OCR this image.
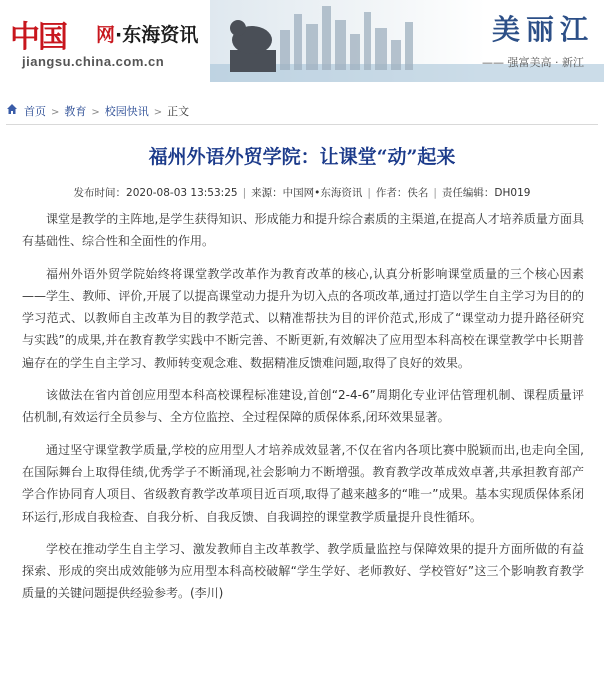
中国 网·东海资讯
jiangsu.china.com.cn
美丽江
—— 强富美高 · 新江
首页 > 教育 > 校园快讯 > 正文
福州外语外贸学院：让课堂“动”起来
发布时间：2020-08-03 13:53:25 | 来源：中国网•东海资讯 | 作者：佚名 | 责任编辑：DH019

课堂是教学的主阵地,是学生获得知识、形成能力和提升综合素质的主渠道,在提高人才培养质量方面具有基础性、综合性和全面性的作用。

福州外语外贸学院始终将课堂教学改革作为教育改革的核心,认真分析影响课堂质量的三个核心因素——学生、教师、评价,开展了以提高课堂动力提升为切入点的各项改革,通过打造以学生自主学习为目的的学习范式、以教师自主改革为目的教学范式、以精准帮扶为目的评价范式,形成了“课堂动力提升路径研究与实践”的成果,并在教育教学实践中不断完善、不断更新,有效解决了应用型本科高校在课堂教学中长期普遍存在的学生自主学习、教师转变观念难、数据精准反馈难问题,取得了良好的效果。

该做法在省内首创应用型本科高校课程标准建设,首创“2-4-6”周期化专业评估管理机制、课程质量评估机制,有效运行全员参与、全方位监控、全过程保障的质保体系,闭环效果显著。

通过坚守课堂教学质量,学校的应用型人才培养成效显著,不仅在省内各项比赛中脱颖而出,也走向全国,在国际舞台上取得佳绩,优秀学子不断涌现,社会影响力不断增强。教育教学改革成效卓著,共承担教育部产学合作协同育人项目、省级教育教学改革项目近百项,取得了越来越多的“唯一”成果。基本实现质保体系闭环运行,形成自我检查、自我分析、自我反馈、自我调控的课堂教学质量提升良性循环。

学校在推动学生自主学习、激发教师自主改革教学、教学质量监控与保障效果的提升方面所做的有益探索、形成的突出成效能够为应用型本科高校破解“学生学好、老师教好、学校管好”这三个影响教育教学质量的关键问题提供经验参考。(李川)
